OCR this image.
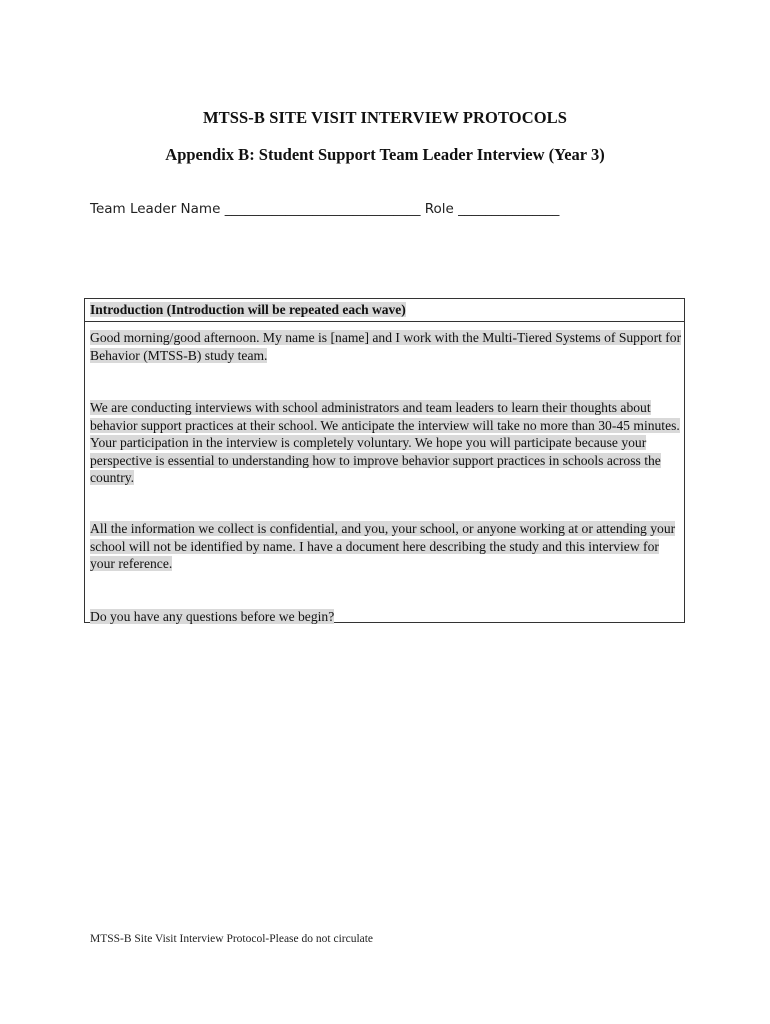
MTSS-B SITE VISIT INTERVIEW PROTOCOLS
Appendix B: Student Support Team Leader Interview (Year 3)
Team Leader Name _____________________________ Role _______________
Introduction (Introduction will be repeated each wave)

Good morning/good afternoon. My name is [name] and I work with the Multi-Tiered Systems of Support for Behavior (MTSS-B) study team.

We are conducting interviews with school administrators and team leaders to learn their thoughts about behavior support practices at their school. We anticipate the interview will take no more than 30-45 minutes. Your participation in the interview is completely voluntary. We hope you will participate because your perspective is essential to understanding how to improve behavior support practices in schools across the country.

All the information we collect is confidential, and you, your school, or anyone working at or attending your school will not be identified by name. I have a document here describing the study and this interview for your reference.

Do you have any questions before we begin?

MTSS-B Site Visit Interview Protocol-Please do not circulate
